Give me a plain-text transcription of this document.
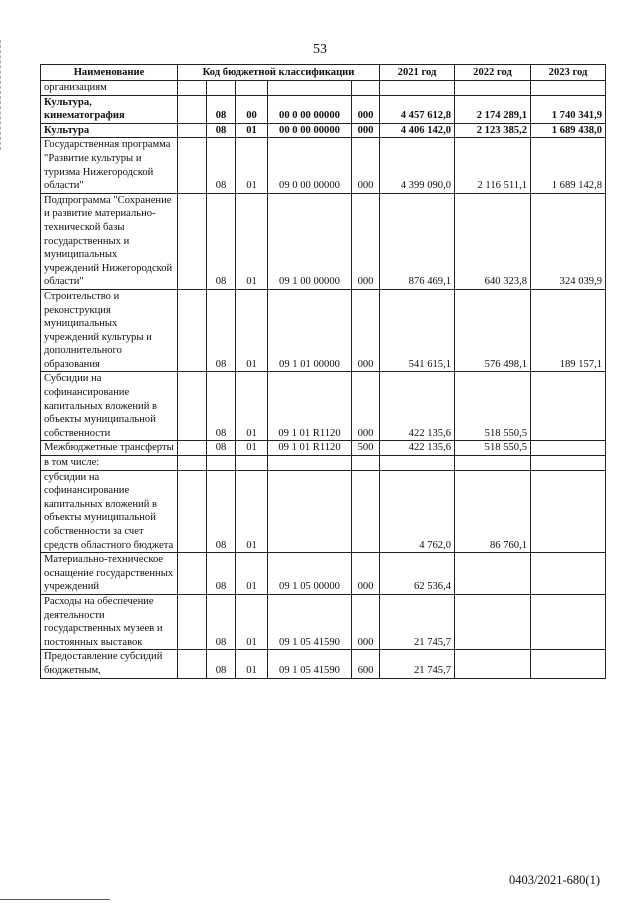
53
Наименование	Код бюджетной классификации					2021 год	2022 год	2023 год
организациям								
Культура, кинематография		08	00	00 0 00 00000	000	4 457 612,8	2 174 289,1	1 740 341,9
Культура		08	01	00 0 00 00000	000	4 406 142,0	2 123 385,2	1 689 438,0
Государственная программа "Развитие культуры и туризма Нижегородской области"		08	01	09 0 00 00000	000	4 399 090,0	2 116 511,1	1 689 142,8
Подпрограмма "Сохранение и развитие материально-технической базы государственных и муниципальных учреждений Нижегородской области"		08	01	09 1 00 00000	000	876 469,1	640 323,8	324 039,9
Строительство и реконструкция муниципальных учреждений культуры и дополнительного образования		08	01	09 1 01 00000	000	541 615,1	576 498,1	189 157,1
Субсидии на софинансирование капитальных вложений в объекты муниципальной собственности		08	01	09 1 01 R1120	000	422 135,6	518 550,5	
Межбюджетные трансферты		08	01	09 1 01 R1120	500	422 135,6	518 550,5	
в том числе:								
субсидии на софинансирование капитальных вложений в объекты муниципальной собственности за счет средств областного бюджета		08	01			4 762,0	86 760,1	
Материально-техническое оснащение государственных учреждений		08	01	09 1 05 00000	000	62 536,4		
Расходы на обеспечение деятельности государственных музеев и постоянных выставок		08	01	09 1 05 41590	000	21 745,7		
Предоставление субсидий бюджетным,		08	01	09 1 05 41590	600	21 745,7		
0403/2021-680(1)
